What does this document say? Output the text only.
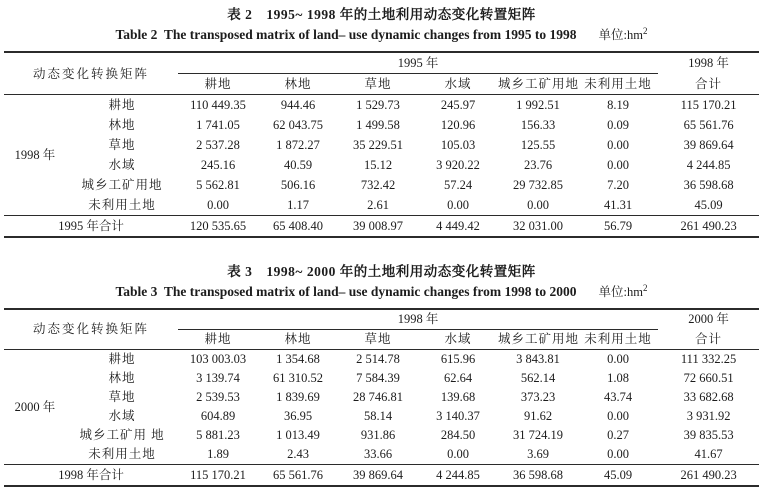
表 2　1995~ 1998 年的土地利用动态变化转置矩阵
Table 2  The transposed matrix of land– use dynamic changes from 1995 to 1998 单位$:hm^2$
动态变化转换矩阵		1995 年						1998 年
		耕地	林地	草地	水域	城乡工矿用地	未利用土地	合计
1998 年	耕地	110 449.35	944.46	1 529.73	245.97	1 992.51	8.19	115 170.21
	林地	1 741.05	62 043.75	1 499.58	120.96	156.33	0.09	65 561.76
	草地	2 537.28	1 872.27	35 229.51	105.03	125.55	0.00	39 869.64
	水域	245.16	40.59	15.12	3 920.22	23.76	0.00	4 244.85
	城乡工矿用地	5 562.81	506.16	732.42	57.24	29 732.85	7.20	36 598.68
	未利用土地	0.00	1.17	2.61	0.00	0.00	41.31	45.09
1995 年合计		120 535.65	65 408.40	39 008.97	4 449.42	32 031.00	56.79	261 490.23
表 3　1998~ 2000 年的土地利用动态变化转置矩阵
Table 3  The transposed matrix of land– use dynamic changes from 1998 to 2000 单位$:hm^2$
动态变化转换矩阵		1998 年						2000 年
		耕地	林地	草地	水域	城乡工矿用地	未利用土地	合计
2000 年	耕地	103 003.03	1 354.68	2 514.78	615.96	3 843.81	0.00	111 332.25
	林地	3 139.74	61 310.52	7 584.39	62.64	562.14	1.08	72 660.51
	草地	2 539.53	1 839.69	28 746.81	139.68	373.23	43.74	33 682.68
	水域	604.89	36.95	58.14	3 140.37	91.62	0.00	3 931.92
	城乡工矿用 地	5 881.23	1 013.49	931.86	284.50	31 724.19	0.27	39 835.53
	未利用土地	1.89	2.43	33.66	0.00	3.69	0.00	41.67
1998 年合计		115 170.21	65 561.76	39 869.64	4 244.85	36 598.68	45.09	261 490.23
